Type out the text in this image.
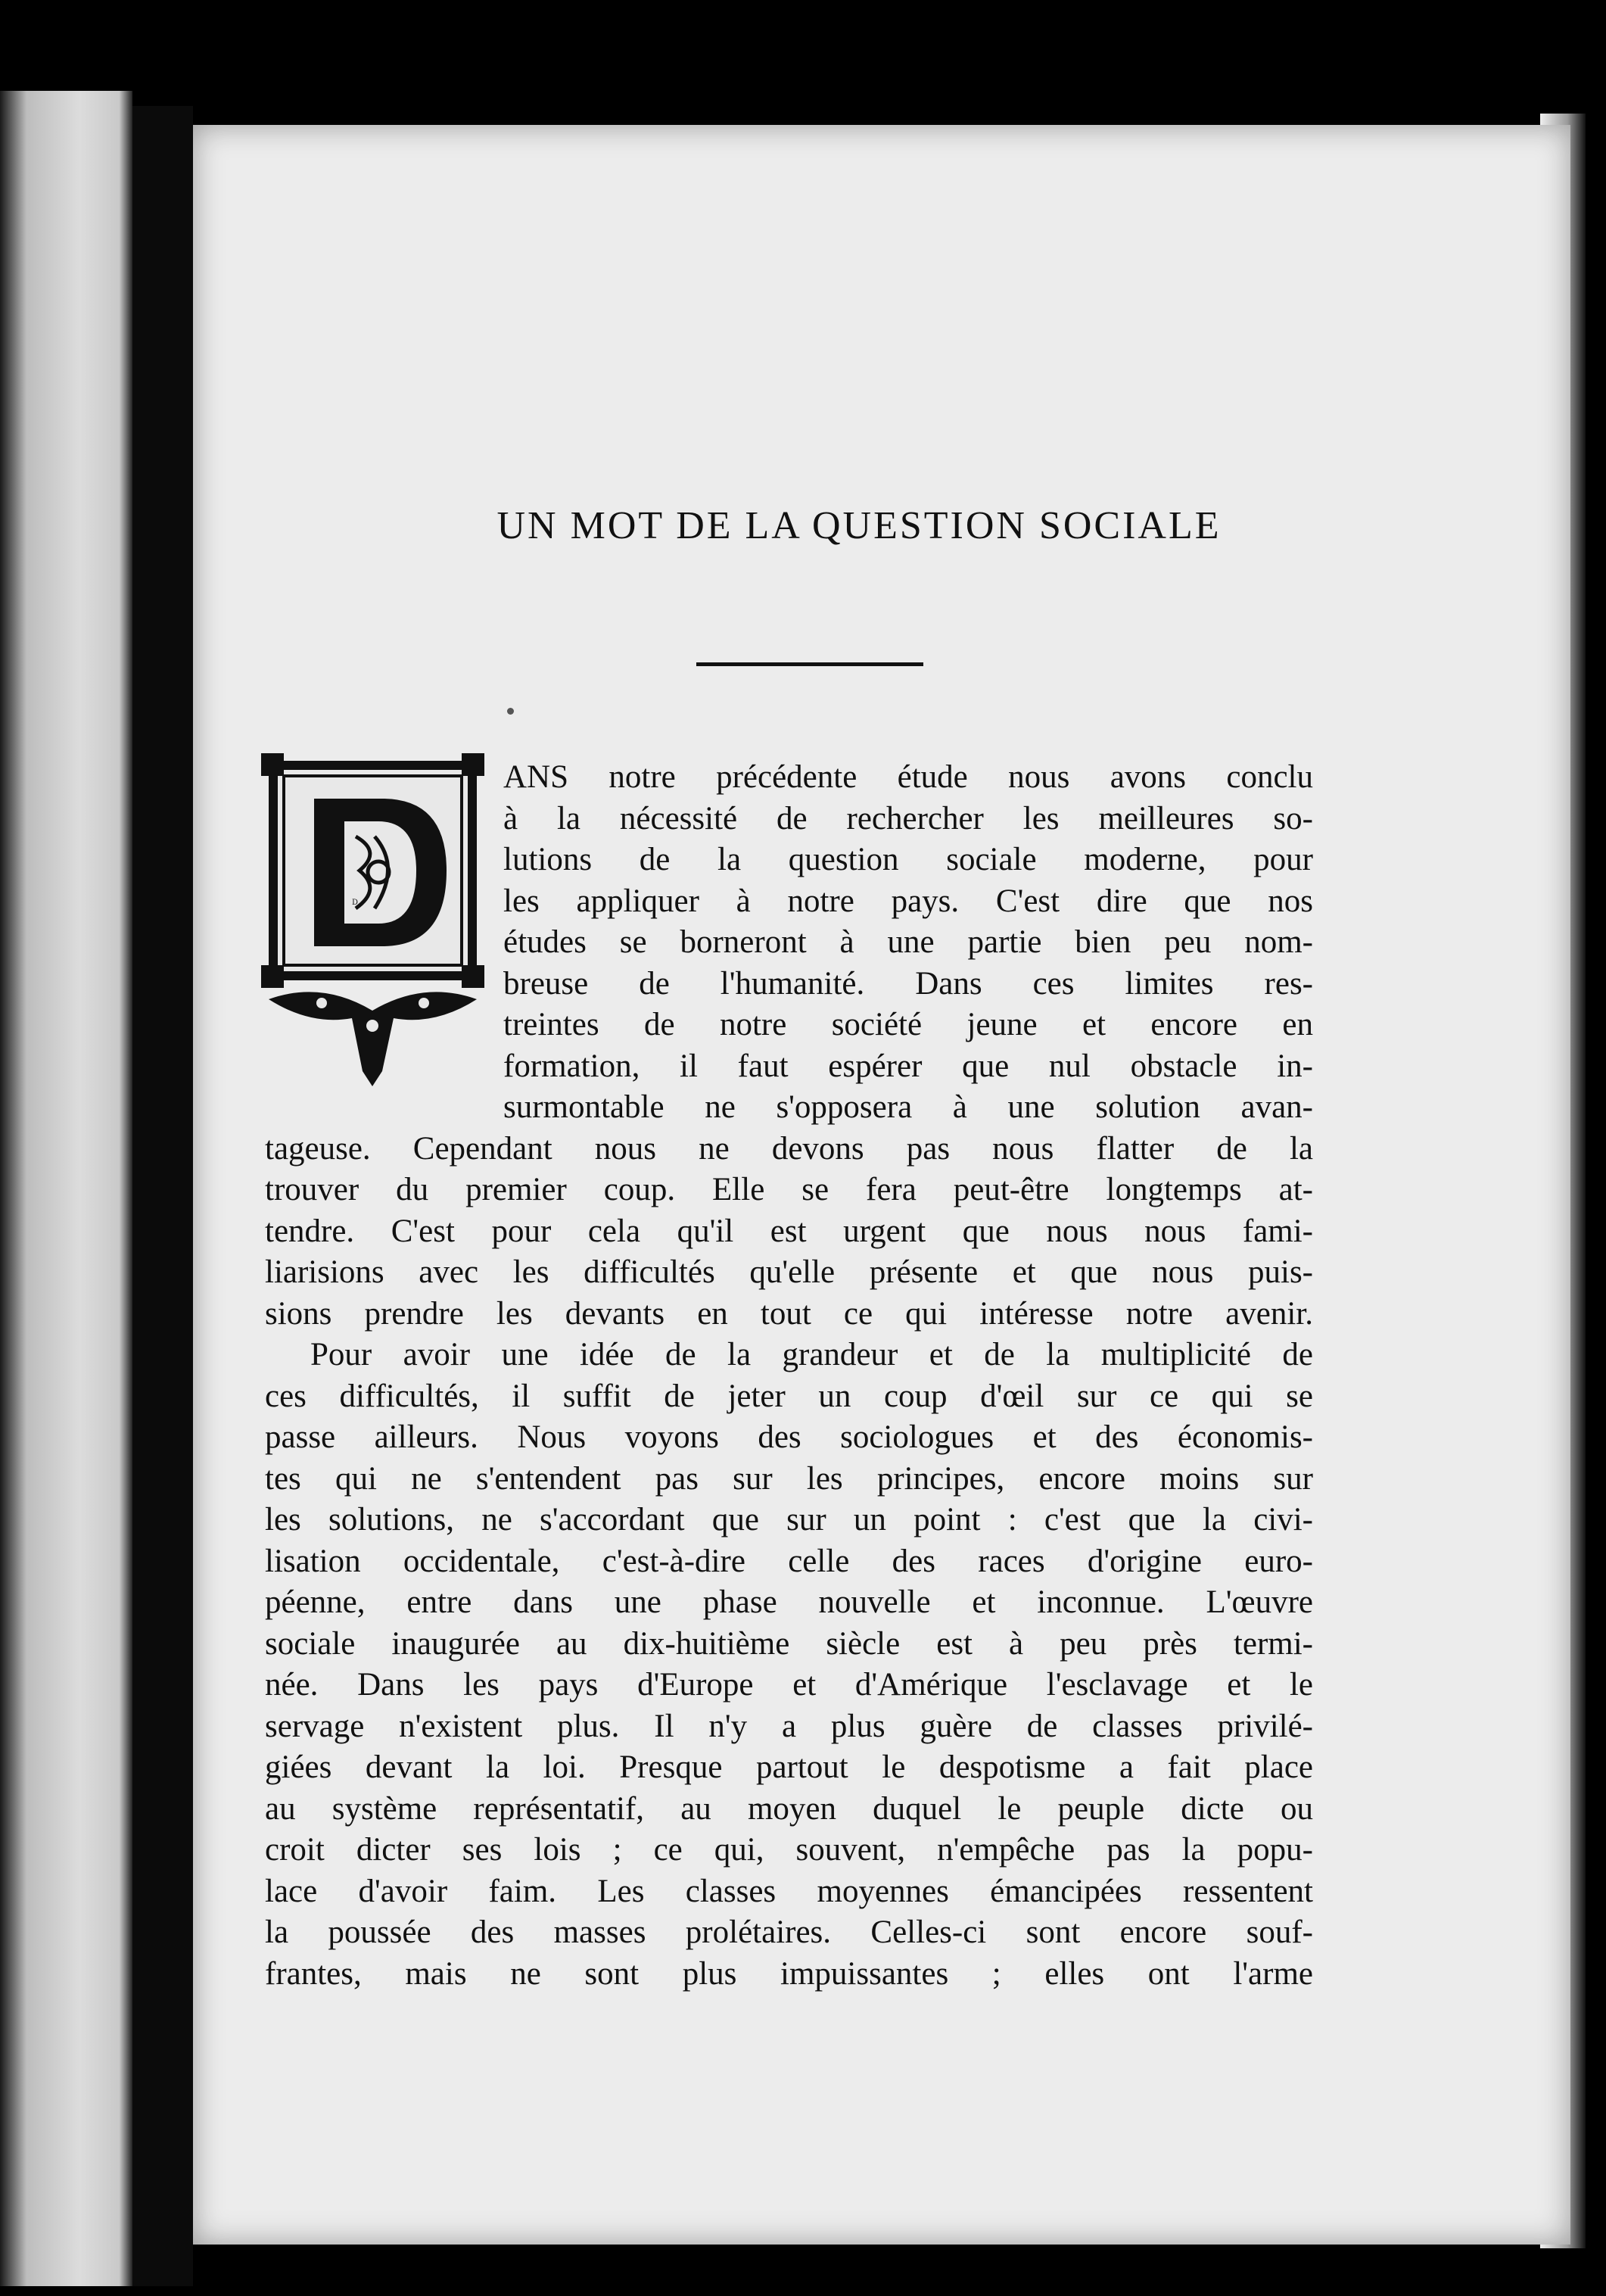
UN MOT DE LA QUESTION SOCIALE
D
ANS notre précédente étude nous avons conclu
à la nécessité de rechercher les meilleures so-
lutions de la question sociale moderne, pour
les appliquer à notre pays. C'est dire que nos
études se borneront à une partie bien peu nom-
breuse de l'humanité. Dans ces limites res-
treintes de notre société jeune et encore en
formation, il faut espérer que nul obstacle in-
surmontable ne s'opposera à une solution avan-
tageuse. Cependant nous ne devons pas nous flatter de la
trouver du premier coup. Elle se fera peut-être longtemps at-
tendre. C'est pour cela qu'il est urgent que nous nous fami-
liarisions avec les difficultés qu'elle présente et que nous puis-
sions prendre les devants en tout ce qui intéresse notre avenir.
Pour avoir une idée de la grandeur et de la multiplicité de
ces difficultés, il suffit de jeter un coup d'œil sur ce qui se
passe ailleurs. Nous voyons des sociologues et des économis-
tes qui ne s'entendent pas sur les principes, encore moins sur
les solutions, ne s'accordant que sur un point : c'est que la civi-
lisation occidentale, c'est-à-dire celle des races d'origine euro-
péenne, entre dans une phase nouvelle et inconnue. L'œuvre
sociale inaugurée au dix-huitième siècle est à peu près termi-
née. Dans les pays d'Europe et d'Amérique l'esclavage et le
servage n'existent plus. Il n'y a plus guère de classes privilé-
giées devant la loi. Presque partout le despotisme a fait place
au système représentatif, au moyen duquel le peuple dicte ou
croit dicter ses lois ; ce qui, souvent, n'empêche pas la popu-
lace d'avoir faim. Les classes moyennes émancipées ressentent
la poussée des masses prolétaires. Celles-ci sont encore souf-
frantes, mais ne sont plus impuissantes ; elles ont l'arme
